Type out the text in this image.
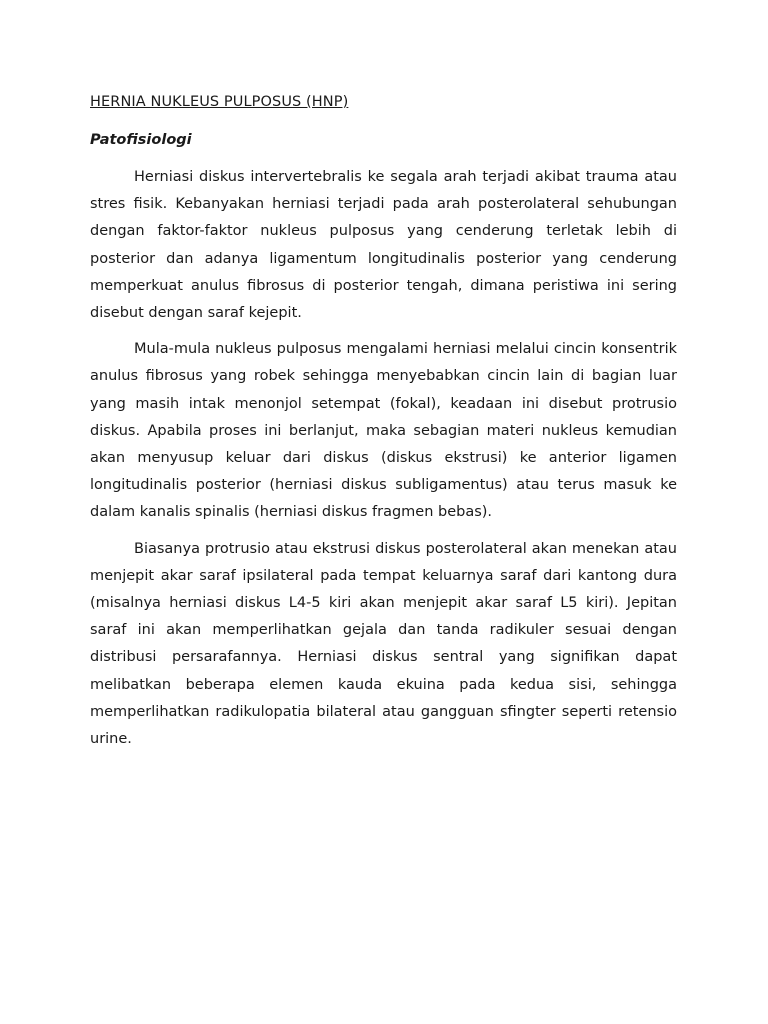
HERNIA NUKLEUS PULPOSUS (HNP)
Patofisiologi

Herniasi diskus intervertebralis ke segala arah terjadi akibat trauma atau stres fisik. Kebanyakan herniasi terjadi pada arah posterolateral sehubungan dengan faktor-faktor nukleus pulposus yang cenderung terletak lebih di posterior dan adanya ligamentum longitudinalis posterior yang cenderung memperkuat anulus fibrosus di posterior tengah, dimana peristiwa ini sering disebut dengan saraf kejepit.

Mula-mula nukleus pulposus mengalami herniasi melalui cincin konsentrik anulus fibrosus yang robek sehingga menyebabkan cincin lain di bagian luar yang masih intak menonjol setempat (fokal), keadaan ini disebut protrusio diskus. Apabila proses ini berlanjut, maka sebagian materi nukleus kemudian akan menyusup keluar dari diskus (diskus ekstrusi) ke anterior ligamen longitudinalis posterior (herniasi diskus subligamentus) atau terus masuk ke dalam kanalis spinalis (herniasi diskus fragmen bebas).

Biasanya protrusio atau ekstrusi diskus posterolateral akan menekan atau menjepit akar saraf ipsilateral pada tempat keluarnya saraf dari kantong dura (misalnya herniasi diskus L4-5 kiri akan menjepit akar saraf L5 kiri). Jepitan saraf ini akan memperlihatkan gejala dan tanda radikuler sesuai dengan distribusi persarafannya. Herniasi diskus sentral yang signifikan dapat melibatkan beberapa elemen kauda ekuina pada kedua sisi, sehingga memperlihatkan radikulopatia bilateral atau gangguan sfingter seperti retensio urine.
